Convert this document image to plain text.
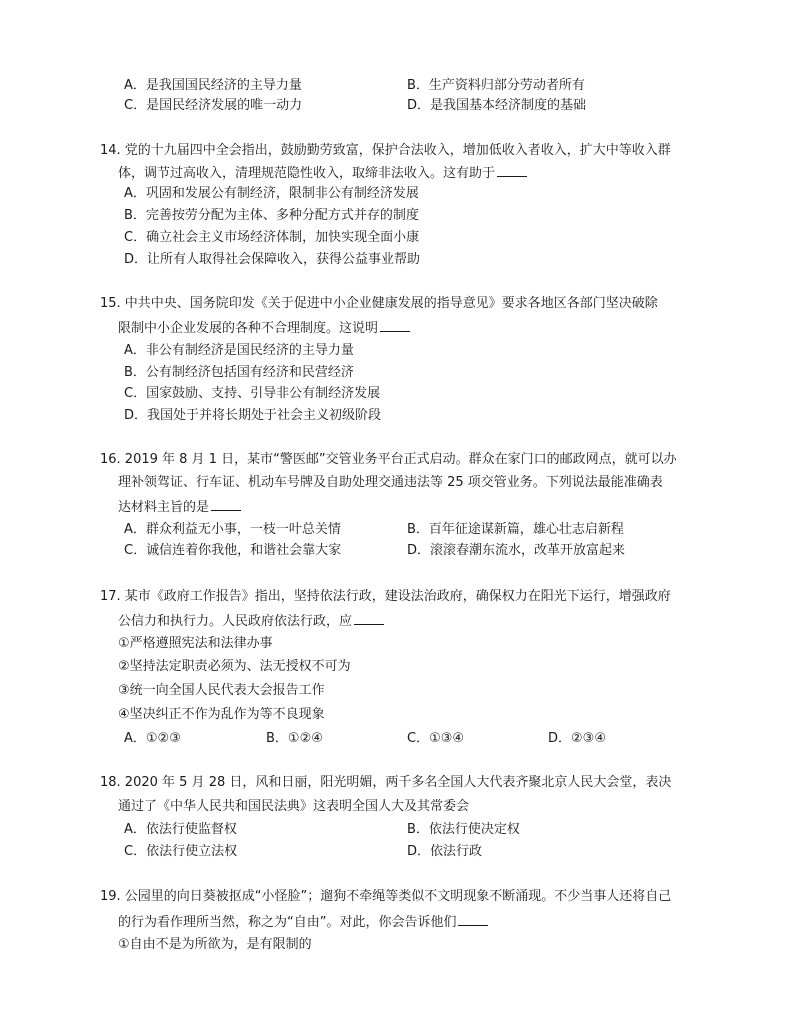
A．是我国国民经济的主导力量	B．生产资料归部分劳动者所有
C．是国民经济发展的唯一动力	D．是我国基本经济制度的基础
14. 党的十九届四中全会指出，鼓励勤劳致富，保护合法收入，增加低收入者收入，扩大中等收入群
体，调节过高收入，清理规范隐性收入，取缔非法收入。这有助于
A．巩固和发展公有制经济，限制非公有制经济发展
B．完善按劳分配为主体、多种分配方式并存的制度
C．确立社会主义市场经济体制，加快实现全面小康
D．让所有人取得社会保障收入，获得公益事业帮助
15. 中共中央、国务院印发《关于促进中小企业健康发展的指导意见》要求各地区各部门坚决破除
限制中小企业发展的各种不合理制度。这说明
A．非公有制经济是国民经济的主导力量
B．公有制经济包括国有经济和民营经济
C．国家鼓励、支持、引导非公有制经济发展
D．我国处于并将长期处于社会主义初级阶段
16. 2019 年 8 月 1 日，某市“警医邮”交管业务平台正式启动。群众在家门口的邮政网点，就可以办
理补领驾证、行车证、机动车号牌及自助处理交通违法等 25 项交管业务。下列说法最能准确表
达材料主旨的是
A．群众利益无小事，一枝一叶总关情	B．百年征途谋新篇，雄心壮志启新程
C．诚信连着你我他，和谐社会靠大家	D．滚滚春潮东流水，改革开放富起来
17. 某市《政府工作报告》指出，坚持依法行政，建设法治政府，确保权力在阳光下运行，增强政府
公信力和执行力。人民政府依法行政，应
①严格遵照宪法和法律办事
②坚持法定职责必须为、法无授权不可为
③统一向全国人民代表大会报告工作
④坚决纠正不作为乱作为等不良现象
A．①②③	B．①②④	C．①③④	D．②③④
18. 2020 年 5 月 28 日，风和日丽，阳光明媚，两千多名全国人大代表齐聚北京人民大会堂，表决
通过了《中华人民共和国民法典》这表明全国人大及其常委会
A．依法行使监督权	B．依法行使决定权
C．依法行使立法权	D．依法行政
19. 公园里的向日葵被抠成“小怪脸”；遛狗不牵绳等类似不文明现象不断涌现。不少当事人还将自己
的行为看作理所当然，称之为“自由”。对此，你会告诉他们
①自由不是为所欲为，是有限制的
